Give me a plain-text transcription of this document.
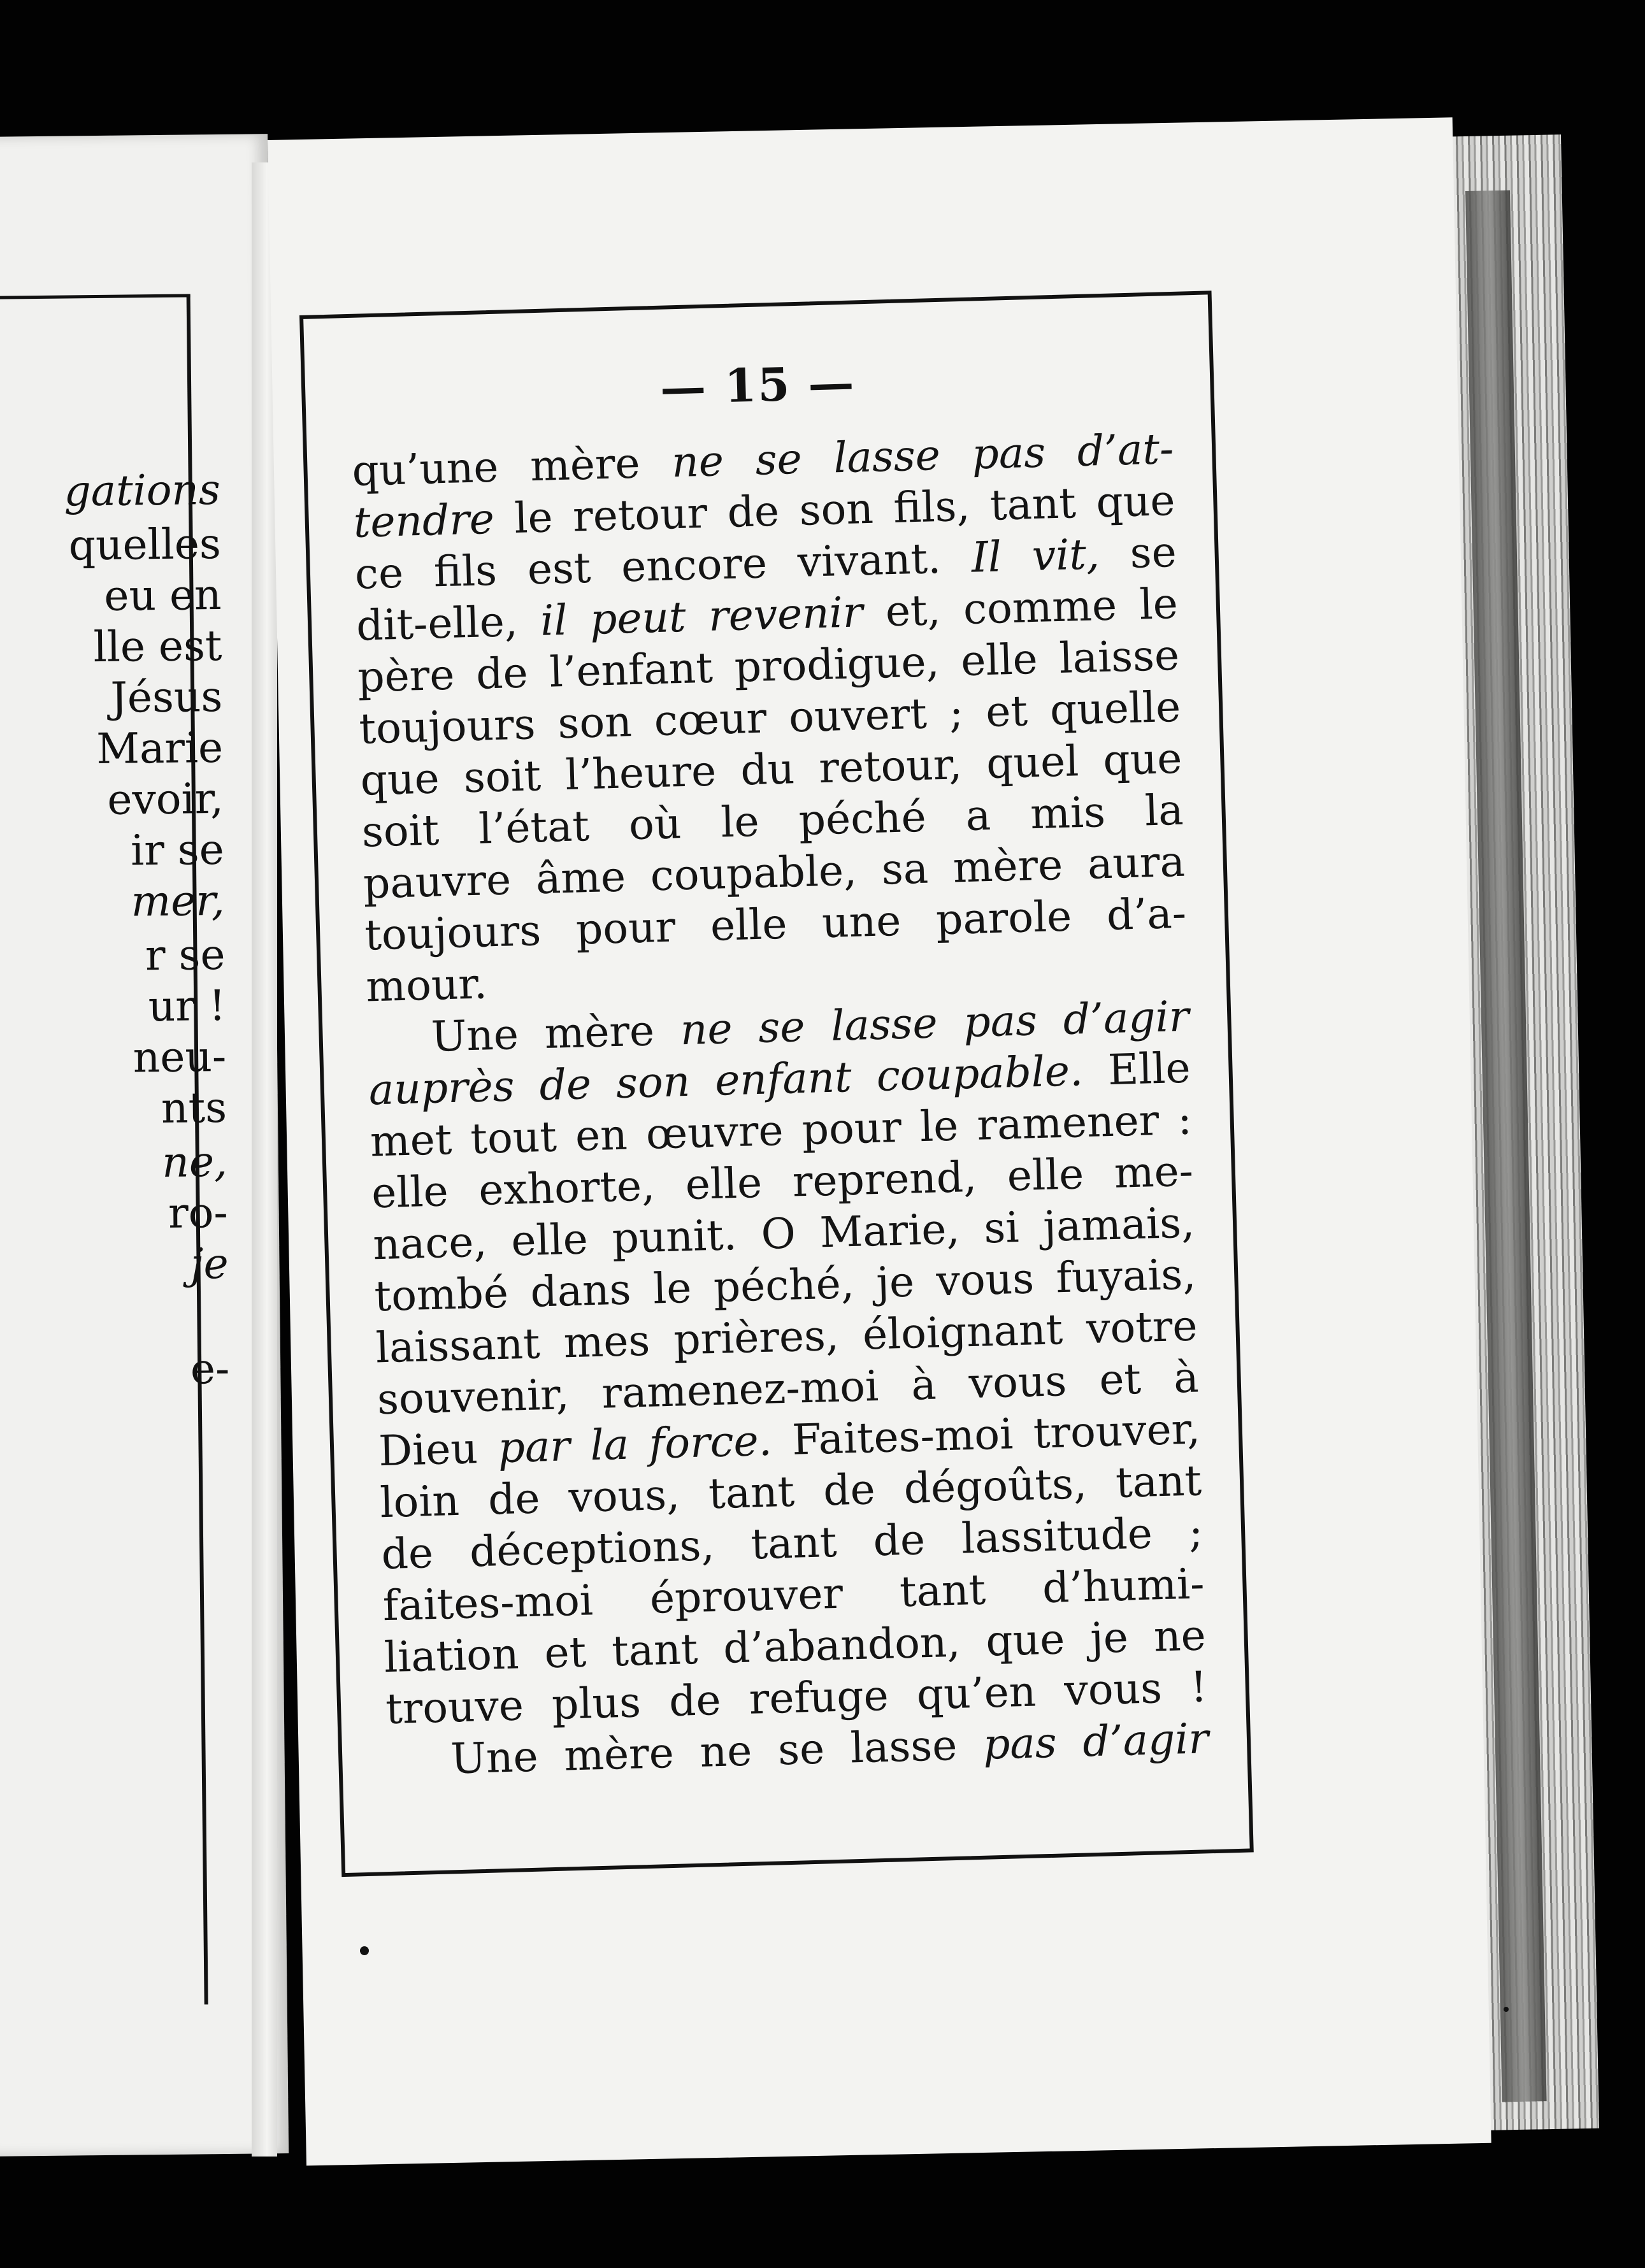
gations
quelles
eu en
lle est
Jésus
Marie
evoir,
ir se
mer,
r se
ur !
neu-
nts
ne,
ro-
je
e-
— 15 —
qu’une mère ne se lasse pas d’at-
tendre le retour de son fils, tant que
ce fils est encore vivant. Il vit, se
dit-elle, il peut revenir et, comme le
père de l’enfant prodigue, elle laisse
toujours son cœur ouvert ; et quelle
que soit l’heure du retour, quel que
soit l’état où le péché a mis la
pauvre âme coupable, sa mère aura
toujours pour elle une parole d’a-
mour.
Une mère ne se lasse pas d’agir
auprès de son enfant coupable. Elle
met tout en œuvre pour le ramener :
elle exhorte, elle reprend, elle me-
nace, elle punit. O Marie, si jamais,
tombé dans le péché, je vous fuyais,
laissant mes prières, éloignant votre
souvenir, ramenez-moi à vous et à
Dieu par la force. Faites-moi trouver,
loin de vous, tant de dégoûts, tant
de déceptions, tant de lassitude ;
faites-moi éprouver tant d’humi-
liation et tant d’abandon, que je ne
trouve plus de refuge qu’en vous !
Une mère ne se lasse pas d’agir
